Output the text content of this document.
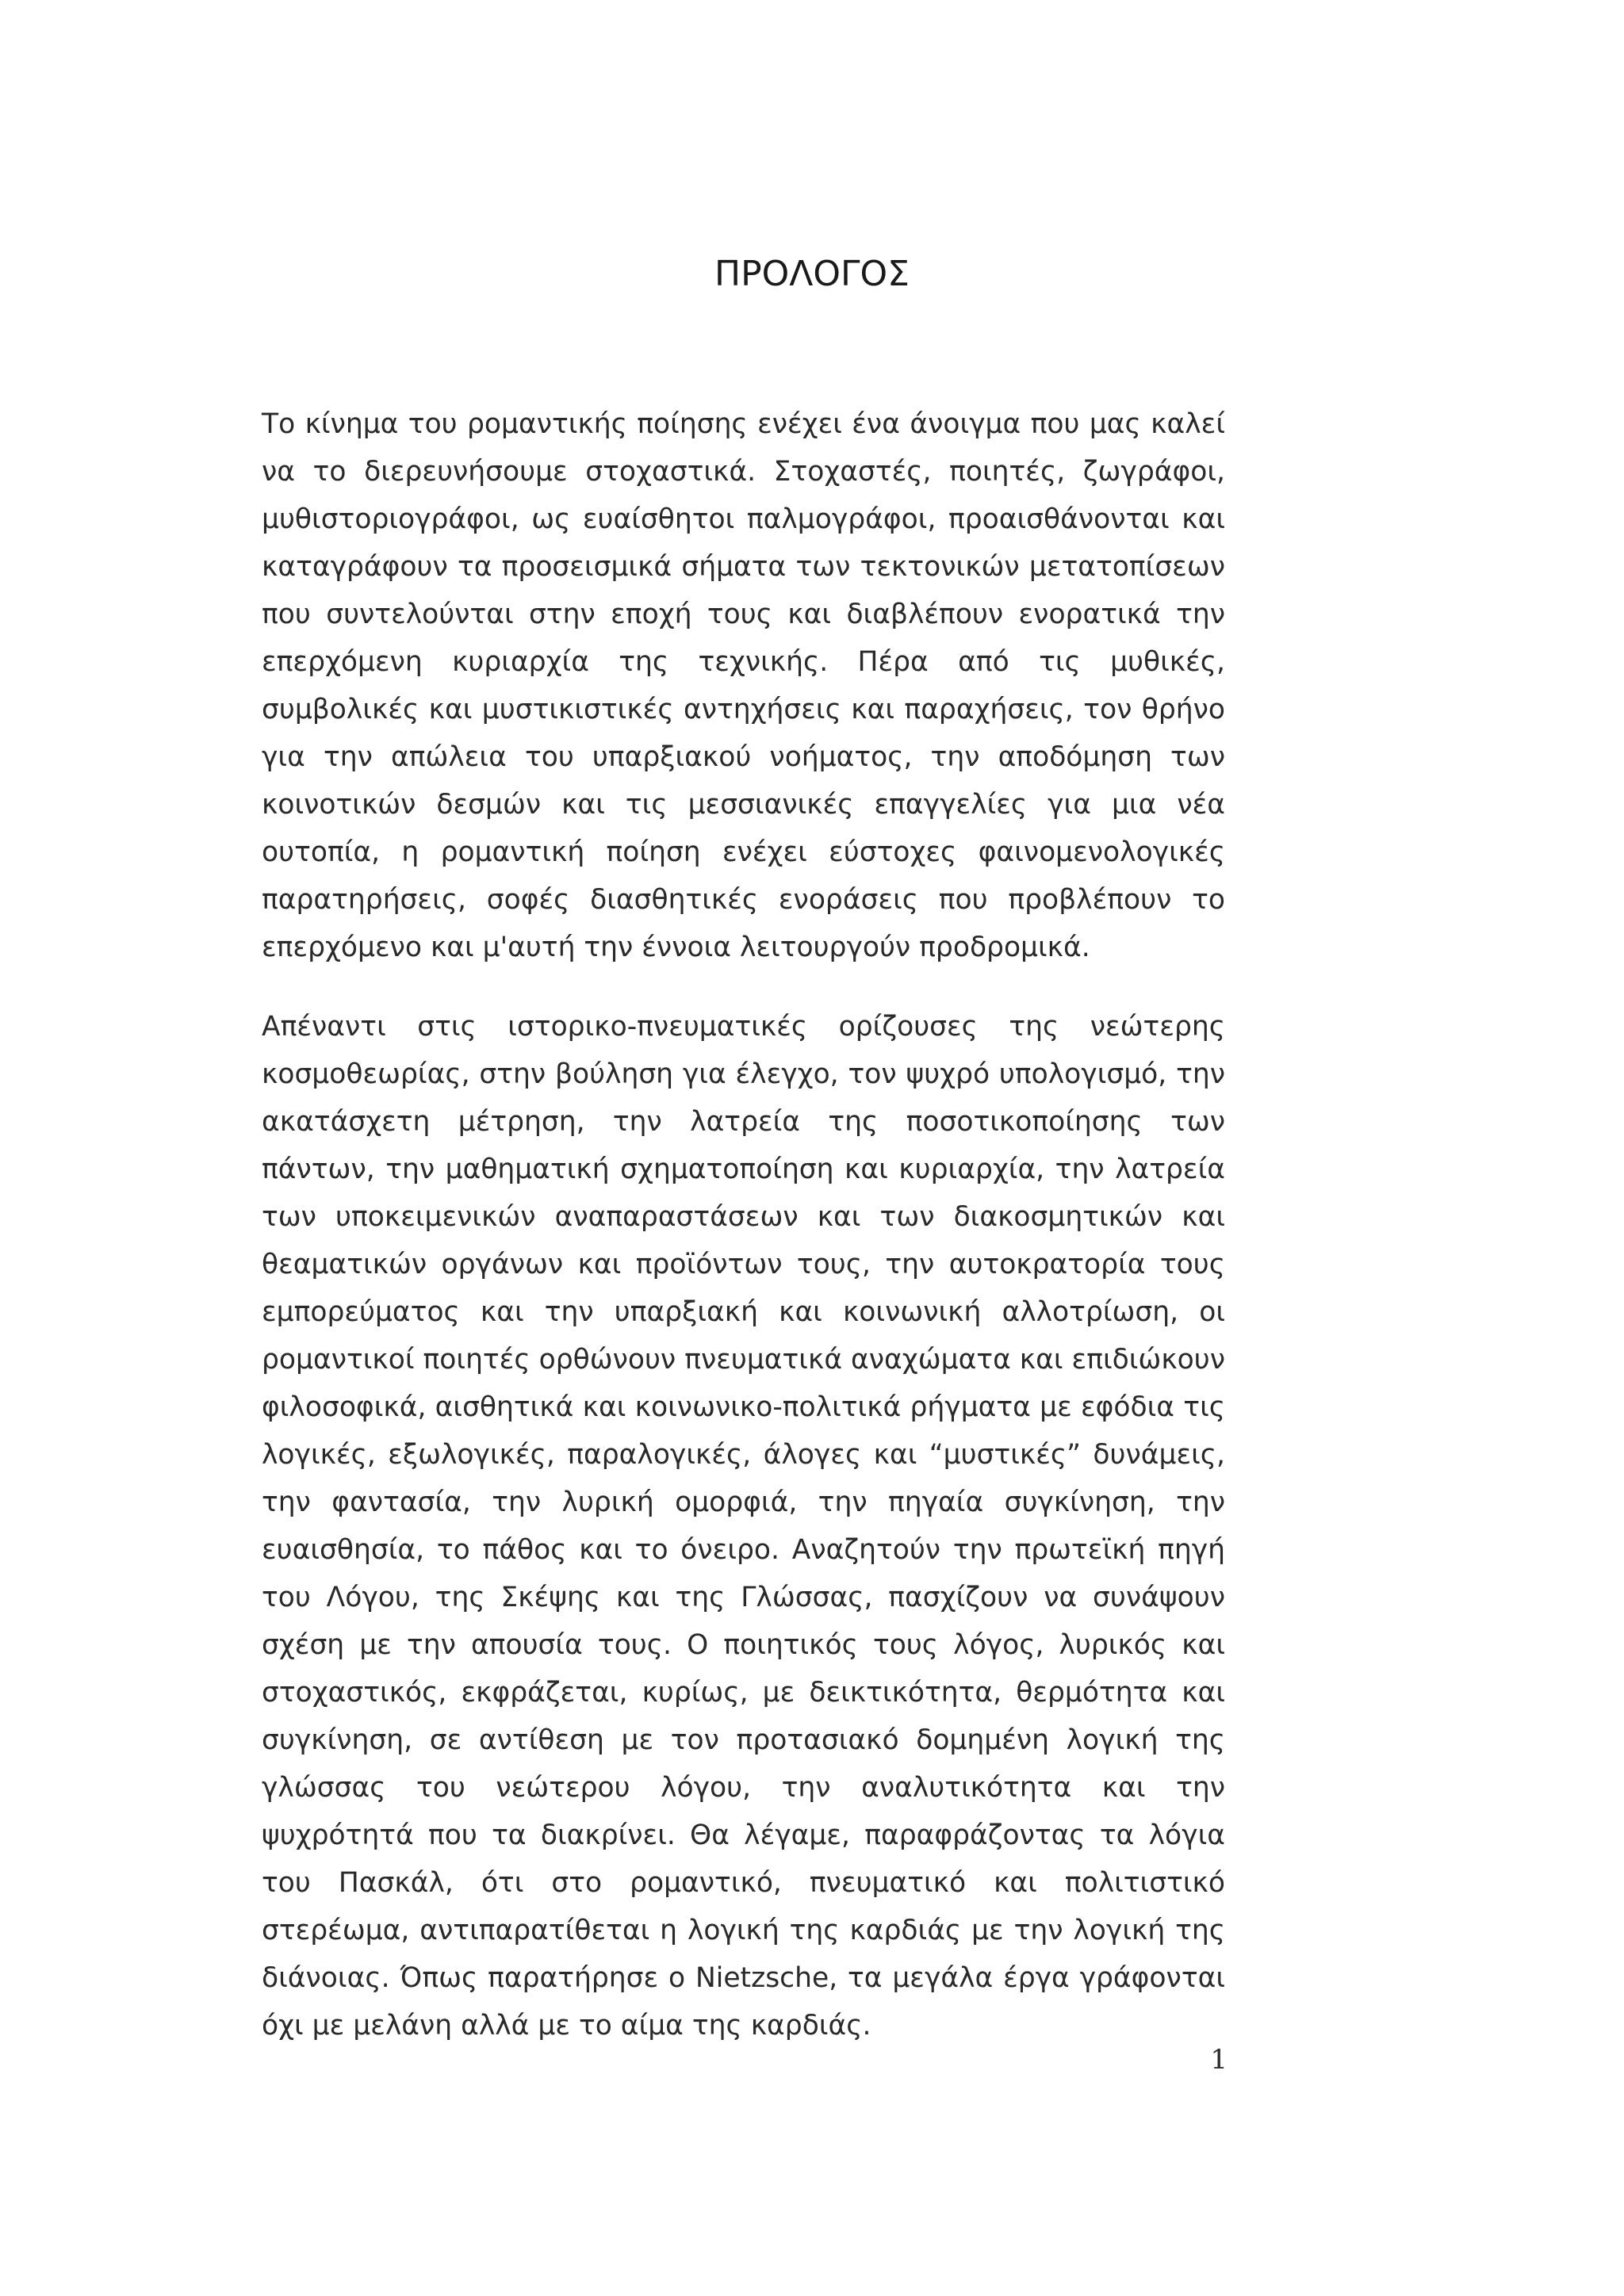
ΠΡΟΛΟΓΟΣ

Το κίνημα του ρομαντικής ποίησης ενέχει ένα άνοιγμα που μας καλεί να το διερευνήσουμε στοχαστικά. Στοχαστές, ποιητές, ζωγράφοι, μυθιστοριογράφοι, ως ευαίσθητοι παλμογράφοι, προαισθάνονται και καταγράφουν τα προσεισμικά σήματα των τεκτονικών μετατοπίσεων που συντελούνται στην εποχή τους και διαβλέπουν ενορατικά την επερχόμενη κυριαρχία της τεχνικής. Πέρα από τις μυθικές, συμβολικές και μυστικιστικές αντηχήσεις και παραχήσεις, τον θρήνο για την απώλεια του υπαρξιακού νοήματος, την αποδόμηση των κοινοτικών δεσμών και τις μεσσιανικές επαγγελίες για μια νέα ουτοπία, η ρομαντική ποίηση ενέχει εύστοχες φαινομενολογικές παρατηρήσεις, σοφές διασθητικές ενοράσεις που προβλέπουν το επερχόμενο και μ'αυτή την έννοια λειτουργούν προδρομικά.

Απέναντι στις ιστορικο-πνευματικές ορίζουσες της νεώτερης κοσμοθεωρίας, στην βούληση για έλεγχο, τον ψυχρό υπολογισμό, την ακατάσχετη μέτρηση, την λατρεία της ποσοτικοποίησης των πάντων, την μαθηματική σχηματοποίηση και κυριαρχία, την λατρεία των υποκειμενικών αναπαραστάσεων και των διακοσμητικών και θεαματικών οργάνων και προϊόντων τους, την αυτοκρατορία τους εμπορεύματος και την υπαρξιακή και κοινωνική αλλοτρίωση, οι ρομαντικοί ποιητές ορθώνουν πνευματικά αναχώματα και επιδιώκουν φιλοσοφικά, αισθητικά και κοινωνικο-πολιτικά ρήγματα με εφόδια τις λογικές, εξωλογικές, παραλογικές, άλογες και “μυστικές” δυνάμεις, την φαντασία, την λυρική ομορφιά, την πηγαία συγκίνηση, την ευαισθησία, το πάθος και το όνειρο. Αναζητούν την πρωτεϊκή πηγή του Λόγου, της Σκέψης και της Γλώσσας, πασχίζουν να συνάψουν σχέση με την απουσία τους. Ο ποιητικός τους λόγος, λυρικός και στοχαστικός, εκφράζεται, κυρίως, με δεικτικότητα, θερμότητα και συγκίνηση, σε αντίθεση με τον προτασιακό δομημένη λογική της γλώσσας του νεώτερου λόγου, την αναλυτικότητα και την ψυχρότητά που τα διακρίνει. Θα λέγαμε, παραφράζοντας τα λόγια του Πασκάλ, ότι στο ρομαντικό, πνευματικό και πολιτιστικό στερέωμα, αντιπαρατίθεται η λογική της καρδιάς με την λογική της διάνοιας. Όπως παρατήρησε ο Nietzsche, τα μεγάλα έργα γράφονται όχι με μελάνη αλλά με το αίμα της καρδιάς.

1
